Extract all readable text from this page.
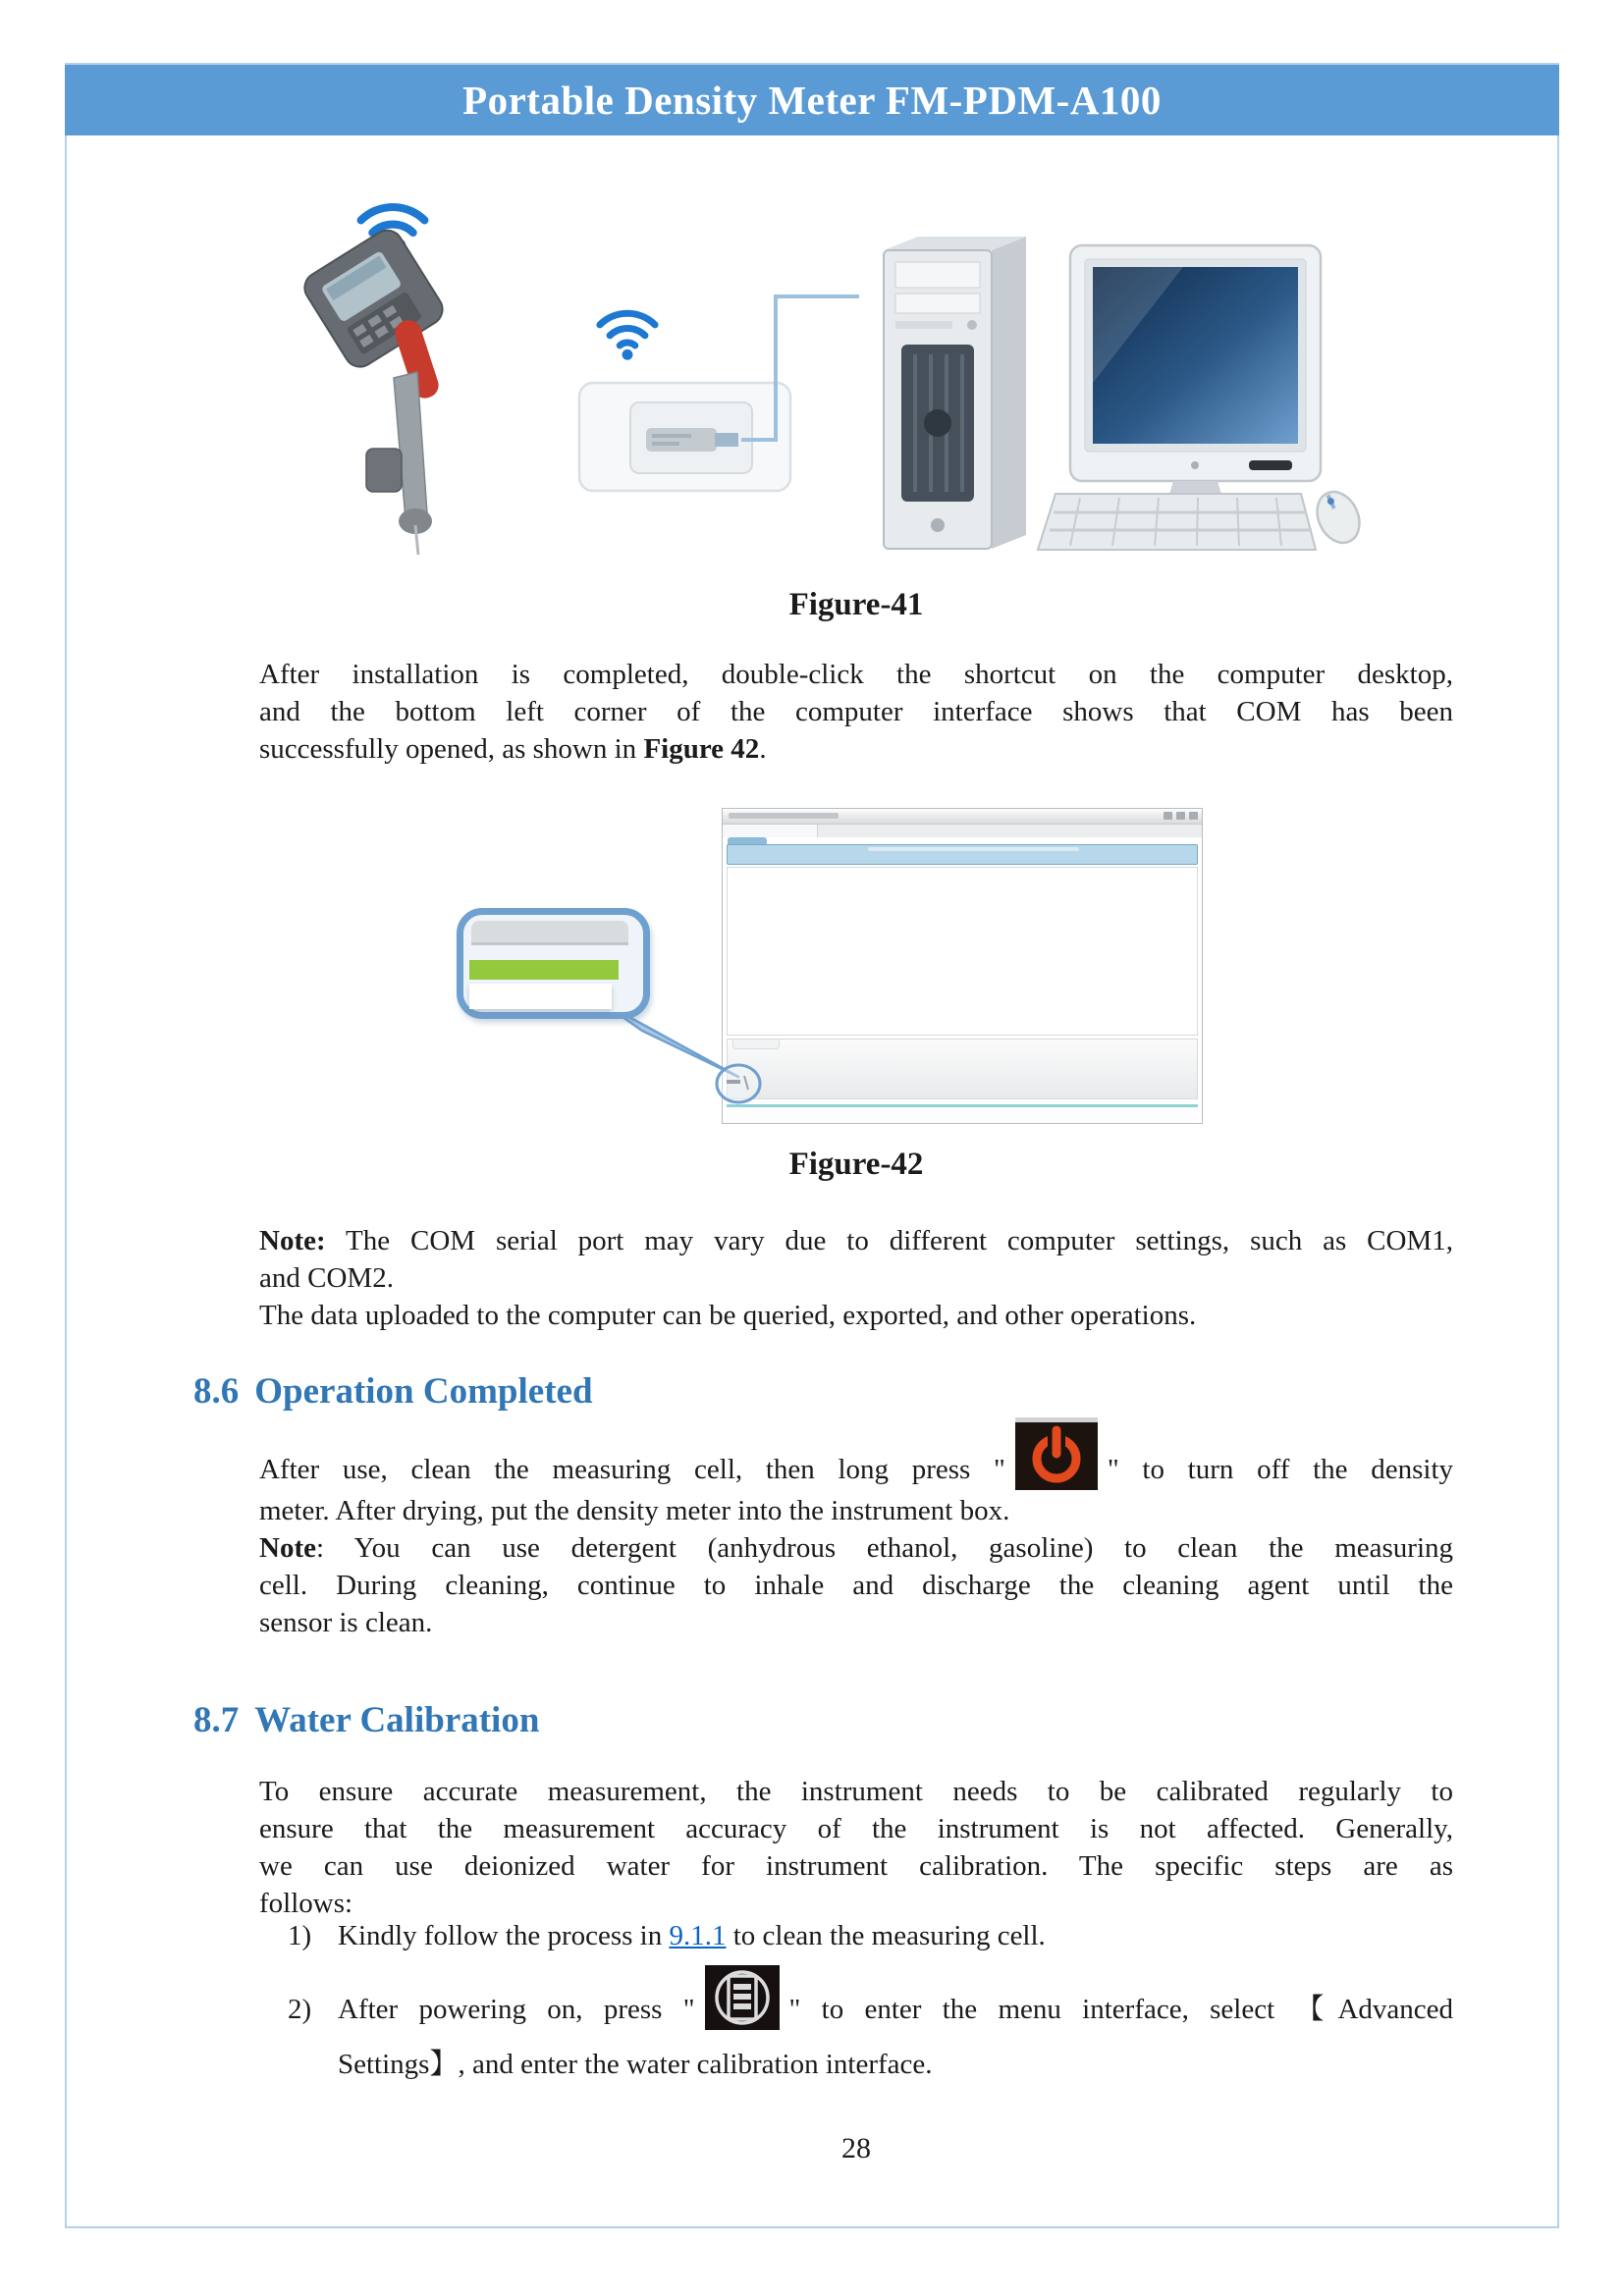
Portable Density Meter FM-PDM-A100
Figure-41
After installation is completed, double-click the shortcut on the computer desktop,
and the bottom left corner of the computer interface shows that COM has been
successfully opened, as shown in Figure 42.
Figure-42
Note: The COM serial port may vary due to different computer settings, such as COM1,
and COM2.
The data uploaded to the computer can be queried, exported, and other operations.
8.6 Operation Completed
After use, clean the measuring cell, then long press "	" to turn off the density
meter. After drying, put the density meter into the instrument box.
Note: You can use detergent (anhydrous ethanol, gasoline) to clean the measuring
cell. During cleaning, continue to inhale and discharge the cleaning agent until the
sensor is clean.
8.7 Water Calibration
To ensure accurate measurement, the instrument needs to be calibrated regularly to
ensure that the measurement accuracy of the instrument is not affected. Generally,
we can use deionized water for instrument calibration. The specific steps are as
follows:
1) Kindly follow the process in 9.1.1 to clean the measuring cell.
2) After powering on, press "	" to enter the menu interface, select 【Advanced
Settings】, and enter the water calibration interface.
28
